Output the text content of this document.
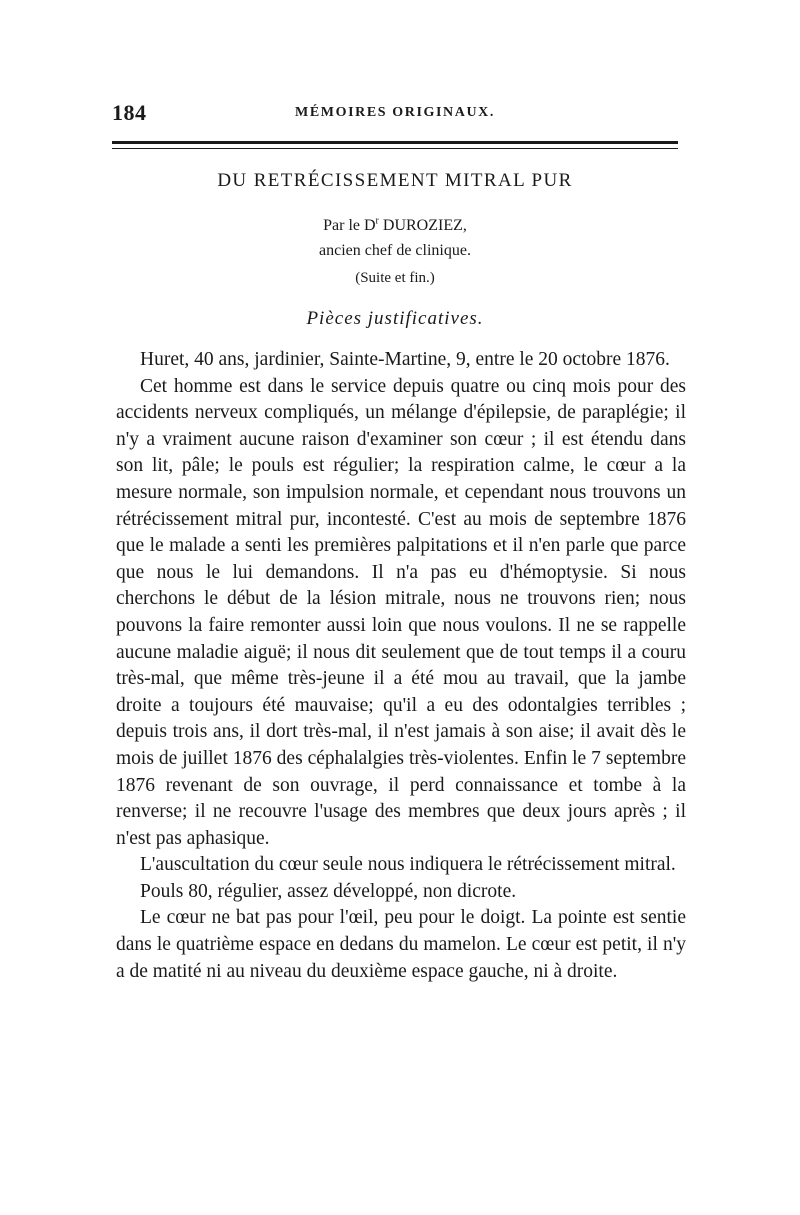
184	MÉMOIRES ORIGINAUX.
DU RETRÉCISSEMENT MITRAL PUR
Par le $D^r$ DUROZIEZ,
ancien chef de clinique.
(Suite et fin.)
Pièces justificatives.

Huret, 40 ans, jardinier, Sainte-Martine, 9, entre le 20 octobre 1876.

Cet homme est dans le service depuis quatre ou cinq mois pour des accidents nerveux compliqués, un mélange d'épilepsie, de paraplégie; il n'y a vraiment aucune raison d'examiner son cœur ; il est étendu dans son lit, pâle; le pouls est régulier; la respiration calme, le cœur a la mesure normale, son impulsion normale, et cependant nous trouvons un rétrécissement mitral pur, incontesté. C'est au mois de septembre 1876 que le malade a senti les premières palpitations et il n'en parle que parce que nous le lui demandons. Il n'a pas eu d'hémoptysie. Si nous cherchons le début de la lésion mitrale, nous ne trouvons rien; nous pouvons la faire remonter aussi loin que nous voulons. Il ne se rappelle aucune maladie aiguë; il nous dit seulement que de tout temps il a couru très-mal, que même très-jeune il a été mou au travail, que la jambe droite a toujours été mauvaise; qu'il a eu des odontalgies terribles ; depuis trois ans, il dort très-mal, il n'est jamais à son aise; il avait dès le mois de juillet 1876 des céphalalgies très-violentes. Enfin le 7 septembre 1876 revenant de son ouvrage, il perd connaissance et tombe à la renverse; il ne recouvre l'usage des membres que deux jours après ; il n'est pas aphasique.

L'auscultation du cœur seule nous indiquera le rétrécissement mitral.

Pouls 80, régulier, assez développé, non dicrote.

Le cœur ne bat pas pour l'œil, peu pour le doigt. La pointe est sentie dans le quatrième espace en dedans du mamelon. Le cœur est petit, il n'y a de matité ni au niveau du deuxième espace gauche, ni à droite.
